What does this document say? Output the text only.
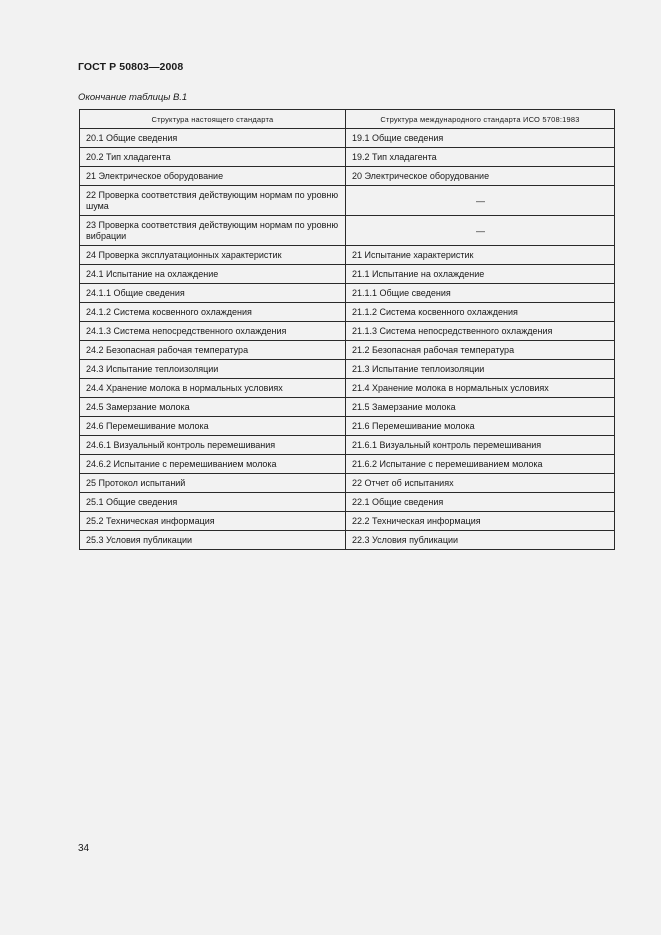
ГОСТ Р 50803—2008
Окончание таблицы В.1
Структура настоящего стандарта	Структура международного стандарта ИСО 5708:1983
20.1 Общие сведения	19.1 Общие сведения
20.2 Тип хладагента	19.2 Тип хладагента
21 Электрическое оборудование	20 Электрическое оборудование
22 Проверка соответствия действующим нормам по уровню шума	—
23 Проверка соответствия действующим нормам по уровню вибрации	—
24 Проверка эксплуатационных характеристик	21 Испытание характеристик
24.1 Испытание на охлаждение	21.1 Испытание на охлаждение
24.1.1 Общие сведения	21.1.1 Общие сведения
24.1.2 Система косвенного охлаждения	21.1.2 Система косвенного охлаждения
24.1.3 Система непосредственного охлаждения	21.1.3 Система непосредственного охлаждения
24.2 Безопасная рабочая температура	21.2 Безопасная рабочая температура
24.3 Испытание теплоизоляции	21.3 Испытание теплоизоляции
24.4 Хранение молока в нормальных условиях	21.4 Хранение молока в нормальных условиях
24.5 Замерзание молока	21.5 Замерзание молока
24.6 Перемешивание молока	21.6 Перемешивание молока
24.6.1 Визуальный контроль перемешивания	21.6.1 Визуальный контроль перемешивания
24.6.2 Испытание с перемешиванием молока	21.6.2 Испытание с перемешиванием молока
25 Протокол испытаний	22 Отчет об испытаниях
25.1 Общие сведения	22.1 Общие сведения
25.2 Техническая информация	22.2 Техническая информация
25.3 Условия публикации	22.3 Условия публикации
34
